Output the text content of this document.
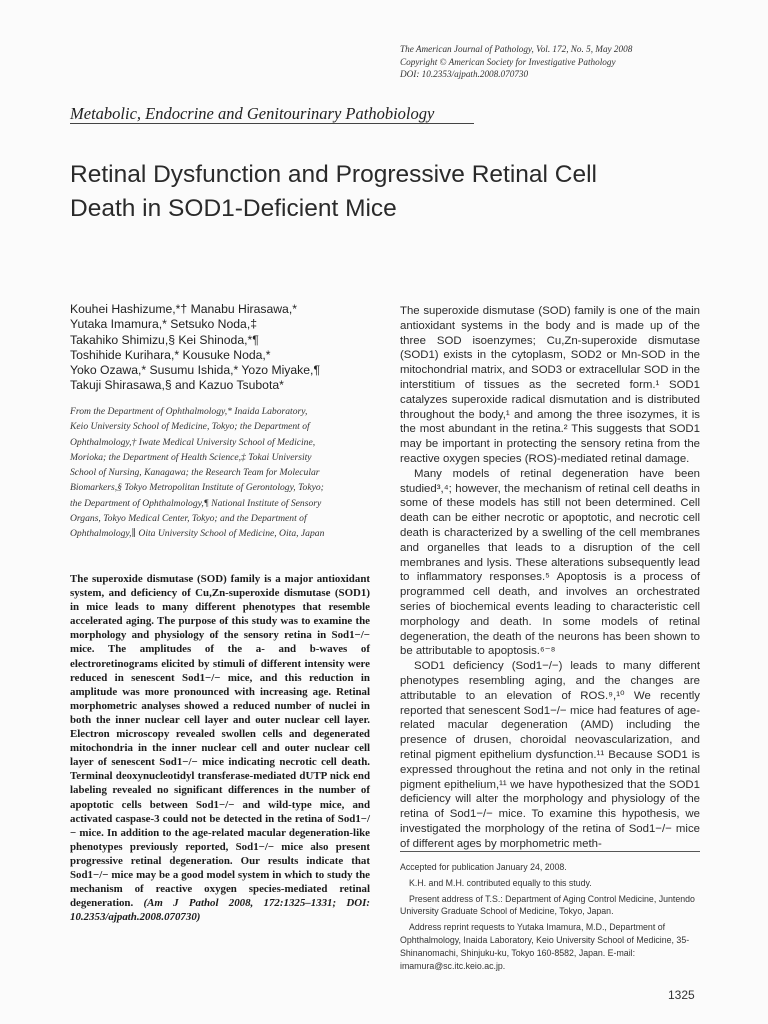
The American Journal of Pathology, Vol. 172, No. 5, May 2008
Copyright © American Society for Investigative Pathology
DOI: 10.2353/ajpath.2008.070730
Metabolic, Endocrine and Genitourinary Pathobiology
Retinal Dysfunction and Progressive Retinal Cell
Death in SOD1-Deficient Mice
Kouhei Hashizume,*† Manabu Hirasawa,*
Yutaka Imamura,* Setsuko Noda,‡
Takahiko Shimizu,§ Kei Shinoda,*¶
Toshihide Kurihara,* Kousuke Noda,*
Yoko Ozawa,* Susumu Ishida,* Yozo Miyake,¶
Takuji Shirasawa,§ and Kazuo Tsubota*
From the Department of Ophthalmology,* Inaida Laboratory,
Keio University School of Medicine, Tokyo; the Department of
Ophthalmology,† Iwate Medical University School of Medicine,
Morioka; the Department of Health Science,‡ Tokai University
School of Nursing, Kanagawa; the Research Team for Molecular
Biomarkers,§ Tokyo Metropolitan Institute of Gerontology, Tokyo;
the Department of Ophthalmology,¶ National Institute of Sensory
Organs, Tokyo Medical Center, Tokyo; and the Department of
Ophthalmology,∥ Oita University School of Medicine, Oita, Japan
The superoxide dismutase (SOD) family is a major antioxidant system, and deficiency of Cu,Zn-superoxide dismutase (SOD1) in mice leads to many different phenotypes that resemble accelerated aging. The purpose of this study was to examine the morphology and physiology of the sensory retina in Sod1−/− mice. The amplitudes of the a- and b-waves of electroretinograms elicited by stimuli of different intensity were reduced in senescent Sod1−/− mice, and this reduction in amplitude was more pronounced with increasing age. Retinal morphometric analyses showed a reduced number of nuclei in both the inner nuclear cell layer and outer nuclear cell layer. Electron microscopy revealed swollen cells and degenerated mitochondria in the inner nuclear cell and outer nuclear cell layer of senescent Sod1−/− mice indicating necrotic cell death. Terminal deoxynucleotidyl transferase-mediated dUTP nick end labeling revealed no significant differences in the number of apoptotic cells between Sod1−/− and wild-type mice, and activated caspase-3 could not be detected in the retina of Sod1−/− mice. In addition to the age-related macular degeneration-like phenotypes previously reported, Sod1−/− mice also present progressive retinal degeneration. Our results indicate that Sod1−/− mice may be a good model system in which to study the mechanism of reactive oxygen species-mediated retinal degeneration. (Am J Pathol 2008, 172:1325–1331; DOI: 10.2353/ajpath.2008.070730)

The superoxide dismutase (SOD) family is one of the main antioxidant systems in the body and is made up of the three SOD isoenzymes; Cu,Zn-superoxide dismutase (SOD1) exists in the cytoplasm, SOD2 or Mn-SOD in the mitochondrial matrix, and SOD3 or extracellular SOD in the interstitium of tissues as the secreted form.¹ SOD1 catalyzes superoxide radical dismutation and is distributed throughout the body,¹ and among the three isozymes, it is the most abundant in the retina.² This suggests that SOD1 may be important in protecting the sensory retina from the reactive oxygen species (ROS)-mediated retinal damage.

Many models of retinal degeneration have been studied³,⁴; however, the mechanism of retinal cell deaths in some of these models has still not been determined. Cell death can be either necrotic or apoptotic, and necrotic cell death is characterized by a swelling of the cell membranes and organelles that leads to a disruption of the cell membranes and lysis. These alterations subsequently lead to inflammatory responses.⁵ Apoptosis is a process of programmed cell death, and involves an orchestrated series of biochemical events leading to characteristic cell morphology and death. In some models of retinal degeneration, the death of the neurons has been shown to be attributable to apoptosis.⁶⁻⁸

SOD1 deficiency (Sod1−/−) leads to many different phenotypes resembling aging, and the changes are attributable to an elevation of ROS.⁹,¹⁰ We recently reported that senescent Sod1−/− mice had features of age-related macular degeneration (AMD) including the presence of drusen, choroidal neovascularization, and retinal pigment epithelium dysfunction.¹¹ Because SOD1 is expressed throughout the retina and not only in the retinal pigment epithelium,¹¹ we have hypothesized that the SOD1 deficiency will alter the morphology and physiology of the retina of Sod1−/− mice. To examine this hypothesis, we investigated the morphology of the retina of Sod1−/− mice of different ages by morphometric meth-

Accepted for publication January 24, 2008.

K.H. and M.H. contributed equally to this study.

Present address of T.S.: Department of Aging Control Medicine, Juntendo University Graduate School of Medicine, Tokyo, Japan.

Address reprint requests to Yutaka Imamura, M.D., Department of Ophthalmology, Inaida Laboratory, Keio University School of Medicine, 35-Shinanomachi, Shinjuku-ku, Tokyo 160-8582, Japan. E-mail: imamura@sc.itc.keio.ac.jp.

1325
